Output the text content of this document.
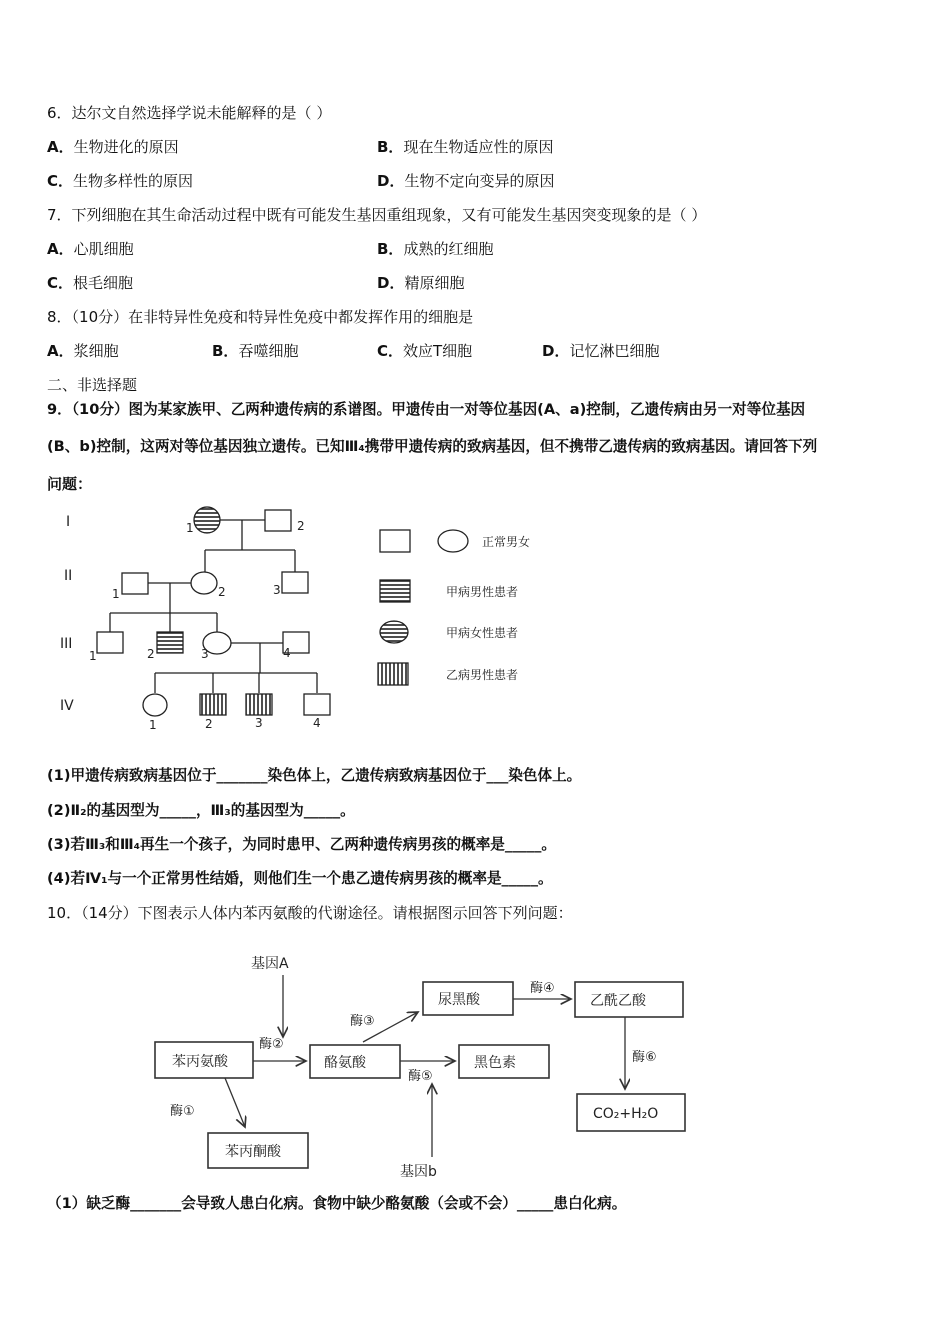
6．达尔文自然选择学说未能解释的是（ ）
A．生物进化的原因	B．现在生物适应性的原因
C．生物多样性的原因	D．生物不定向变异的原因
7．下列细胞在其生命活动过程中既有可能发生基因重组现象，又有可能发生基因突变现象的是（ ）
A．心肌细胞	B．成熟的红细胞
C．根毛细胞	D．精原细胞
8．（10分）在非特异性免疫和特异性免疫中都发挥作用的细胞是
A．浆细胞	B．吞噬细胞	C．效应T细胞	D．记忆淋巴细胞
二、非选择题
9．（10分）图为某家族甲、乙两种遗传病的系谱图。甲遗传由一对等位基因(A、a)控制，乙遗传病由另一对等位基因
(B、b)控制，这两对等位基因独立遗传。已知Ⅲ₄携带甲遗传病的致病基因，但不携带乙遗传病的致病基因。请回答下列
问题：
I
II
III
IV
1	2
1	2	3
1	2	3	4
1	2	3	4
正常男女
甲病男性患者
甲病女性患者
乙病男性患者
(1)甲遗传病致病基因位于_______染色体上，乙遗传病致病基因位于___染色体上。
(2)Ⅱ₂的基因型为_____，Ⅲ₃的基因型为_____。
(3)若Ⅲ₃和Ⅲ₄再生一个孩子，为同时患甲、乙两种遗传病男孩的概率是_____。
(4)若Ⅳ₁与一个正常男性结婚，则他们生一个患乙遗传病男孩的概率是_____。
10．（14分）下图表示人体内苯丙氨酸的代谢途径。请根据图示回答下列问题：
基因A
基因b
苯丙氨酸
苯丙酮酸
酪氨酸
尿黑酸
黑色素
乙酰乙酸
CO₂+H₂O
酶①
酶②
酶③
酶④
酶⑤
酶⑥
（1）缺乏酶_______会导致人患白化病。食物中缺少酪氨酸（会或不会）_____患白化病。
